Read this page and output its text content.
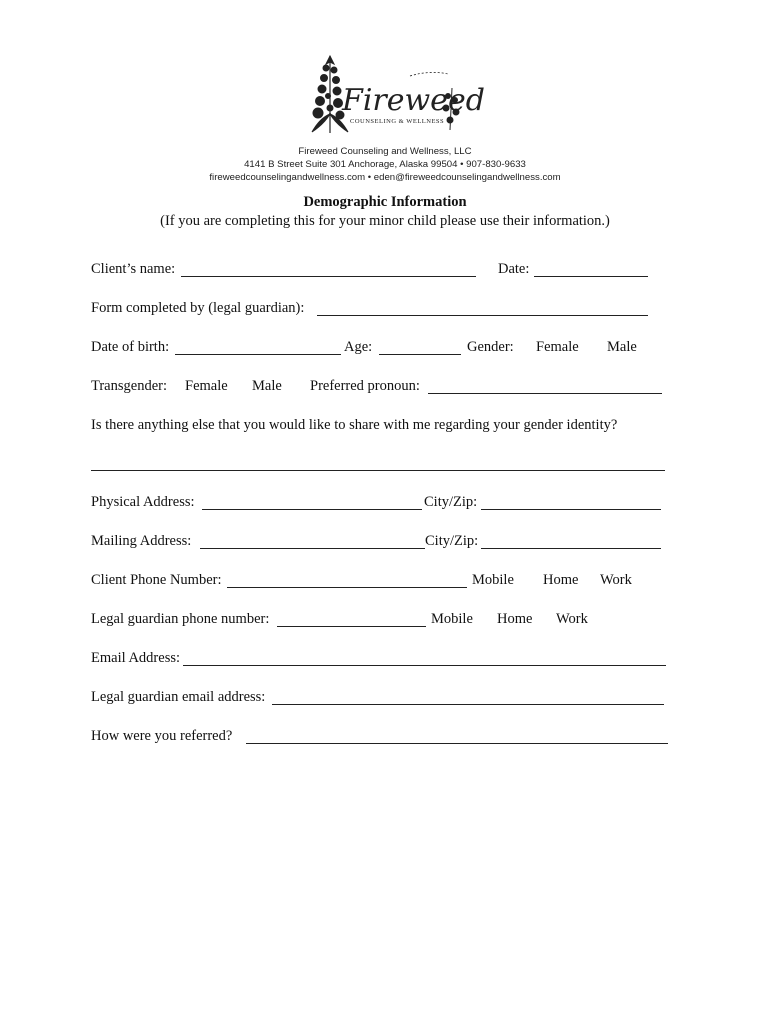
Fireweed
COUNSELING & WELLNESS
Fireweed Counseling and Wellness, LLC
4141 B Street Suite 301 Anchorage, Alaska 99504 • 907-830-9633
fireweedcounselingandwellness.com • eden@fireweedcounselingandwellness.com
Demographic Information
(If you are completing this for your minor child please use their information.)
Client’s name:	Date:
Form completed by (legal guardian):
Date of birth:	Age:	Gender: Female Male
Transgender: Female Male Preferred pronoun:
Is there anything else that you would like to share with me regarding your gender identity?
Physical Address:	City/Zip:
Mailing Address:	City/Zip:
Client Phone Number:	Mobile Home Work
Legal guardian phone number:	Mobile Home Work
Email Address:
Legal guardian email address:
How were you referred?
